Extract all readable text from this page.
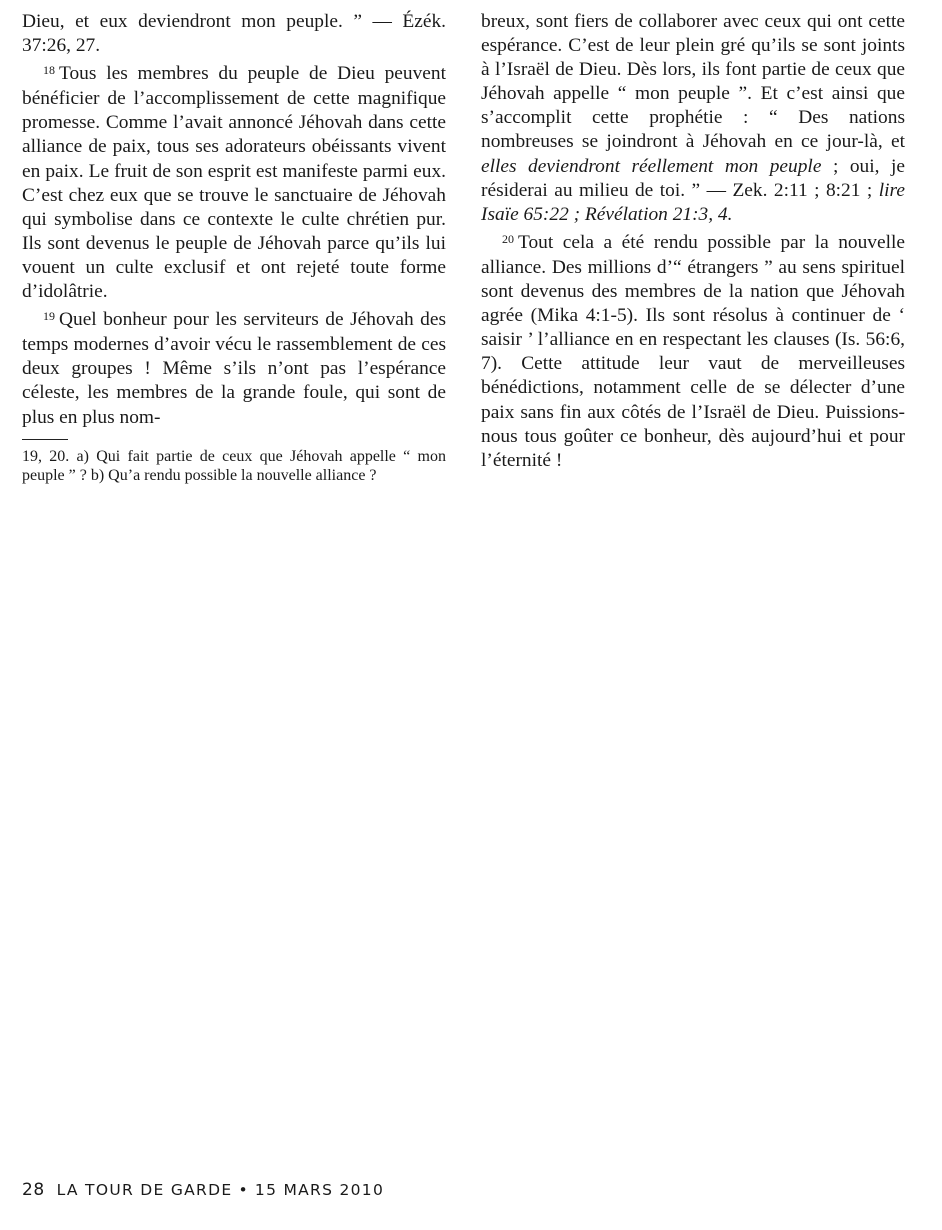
Dieu, et eux deviendront mon peuple. ” — Ézék. 37:26, 27.

$^{18}$ Tous les membres du peuple de Dieu peuvent bénéficier de l’accomplissement de cette magnifique promesse. Comme l’avait annoncé Jéhovah dans cette alliance de paix, tous ses adorateurs obéissants vivent en paix. Le fruit de son esprit est manifeste parmi eux. C’est chez eux que se trouve le sanctuaire de Jéhovah qui symbolise dans ce contexte le culte chrétien pur. Ils sont devenus le peuple de Jéhovah parce qu’ils lui vouent un culte exclusif et ont rejeté toute forme d’idolâtrie.

$^{19}$ Quel bonheur pour les serviteurs de Jéhovah des temps modernes d’avoir vécu le rassemblement de ces deux groupes ! Même s’ils n’ont pas l’espérance céleste, les membres de la grande foule, qui sont de plus en plus nom-

19, 20. a) Qui fait partie de ceux que Jéhovah appelle “ mon peuple ” ? b) Qu’a rendu possible la nouvelle alliance ?

breux, sont fiers de collaborer avec ceux qui ont cette espérance. C’est de leur plein gré qu’ils se sont joints à l’Israël de Dieu. Dès lors, ils font partie de ceux que Jéhovah appelle “ mon peuple ”. Et c’est ainsi que s’accomplit cette prophétie : “ Des nations nombreuses se joindront à Jéhovah en ce jour-là, et elles deviendront réellement mon peuple ; oui, je résiderai au milieu de toi. ” — Zek. 2:11 ; 8:21 ; lire Isaïe 65:22 ; Révélation 21:3, 4.

$^{20}$ Tout cela a été rendu possible par la nouvelle alliance. Des millions d’“ étrangers ” au sens spirituel sont devenus des membres de la nation que Jéhovah agrée (Mika 4:1-5). Ils sont résolus à continuer de ‘ saisir ’ l’alliance en en respectant les clauses (Is. 56:6, 7). Cette attitude leur vaut de merveilleuses bénédictions, notamment celle de se délecter d’une paix sans fin aux côtés de l’Israël de Dieu. Puissions-nous tous goûter ce bonheur, dès aujourd’hui et pour l’éternité !

28 LA TOUR DE GARDE • 15 MARS 2010
